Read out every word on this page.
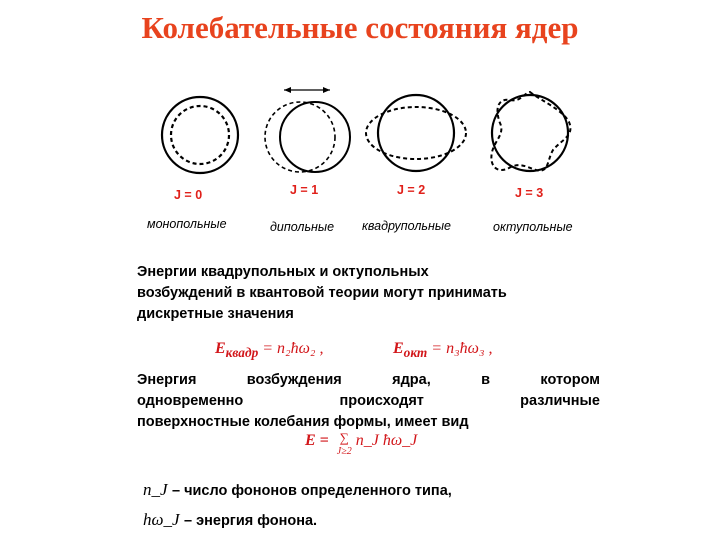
Колебательные состояния ядер
J = 0	J = 1	J = 2	J = 3
монопольные	дипольные квадрупольные	октупольные
Энергии квадрупольных и октупольных
возбуждений в квантовой теории могут принимать
дискретные значения
$E_{квадр}$ = n₂ħω₂ ,	$E_{окт}$ = n₃ħω₃ ,
Энергия возбуждения ядра, в котором
одновременно происходят различные
поверхностные колебания формы, имеет вид
E = ∑
J≥2 n_J ħω_J
n_J – число фононов определенного типа,
hω_J – энергия фонона.
